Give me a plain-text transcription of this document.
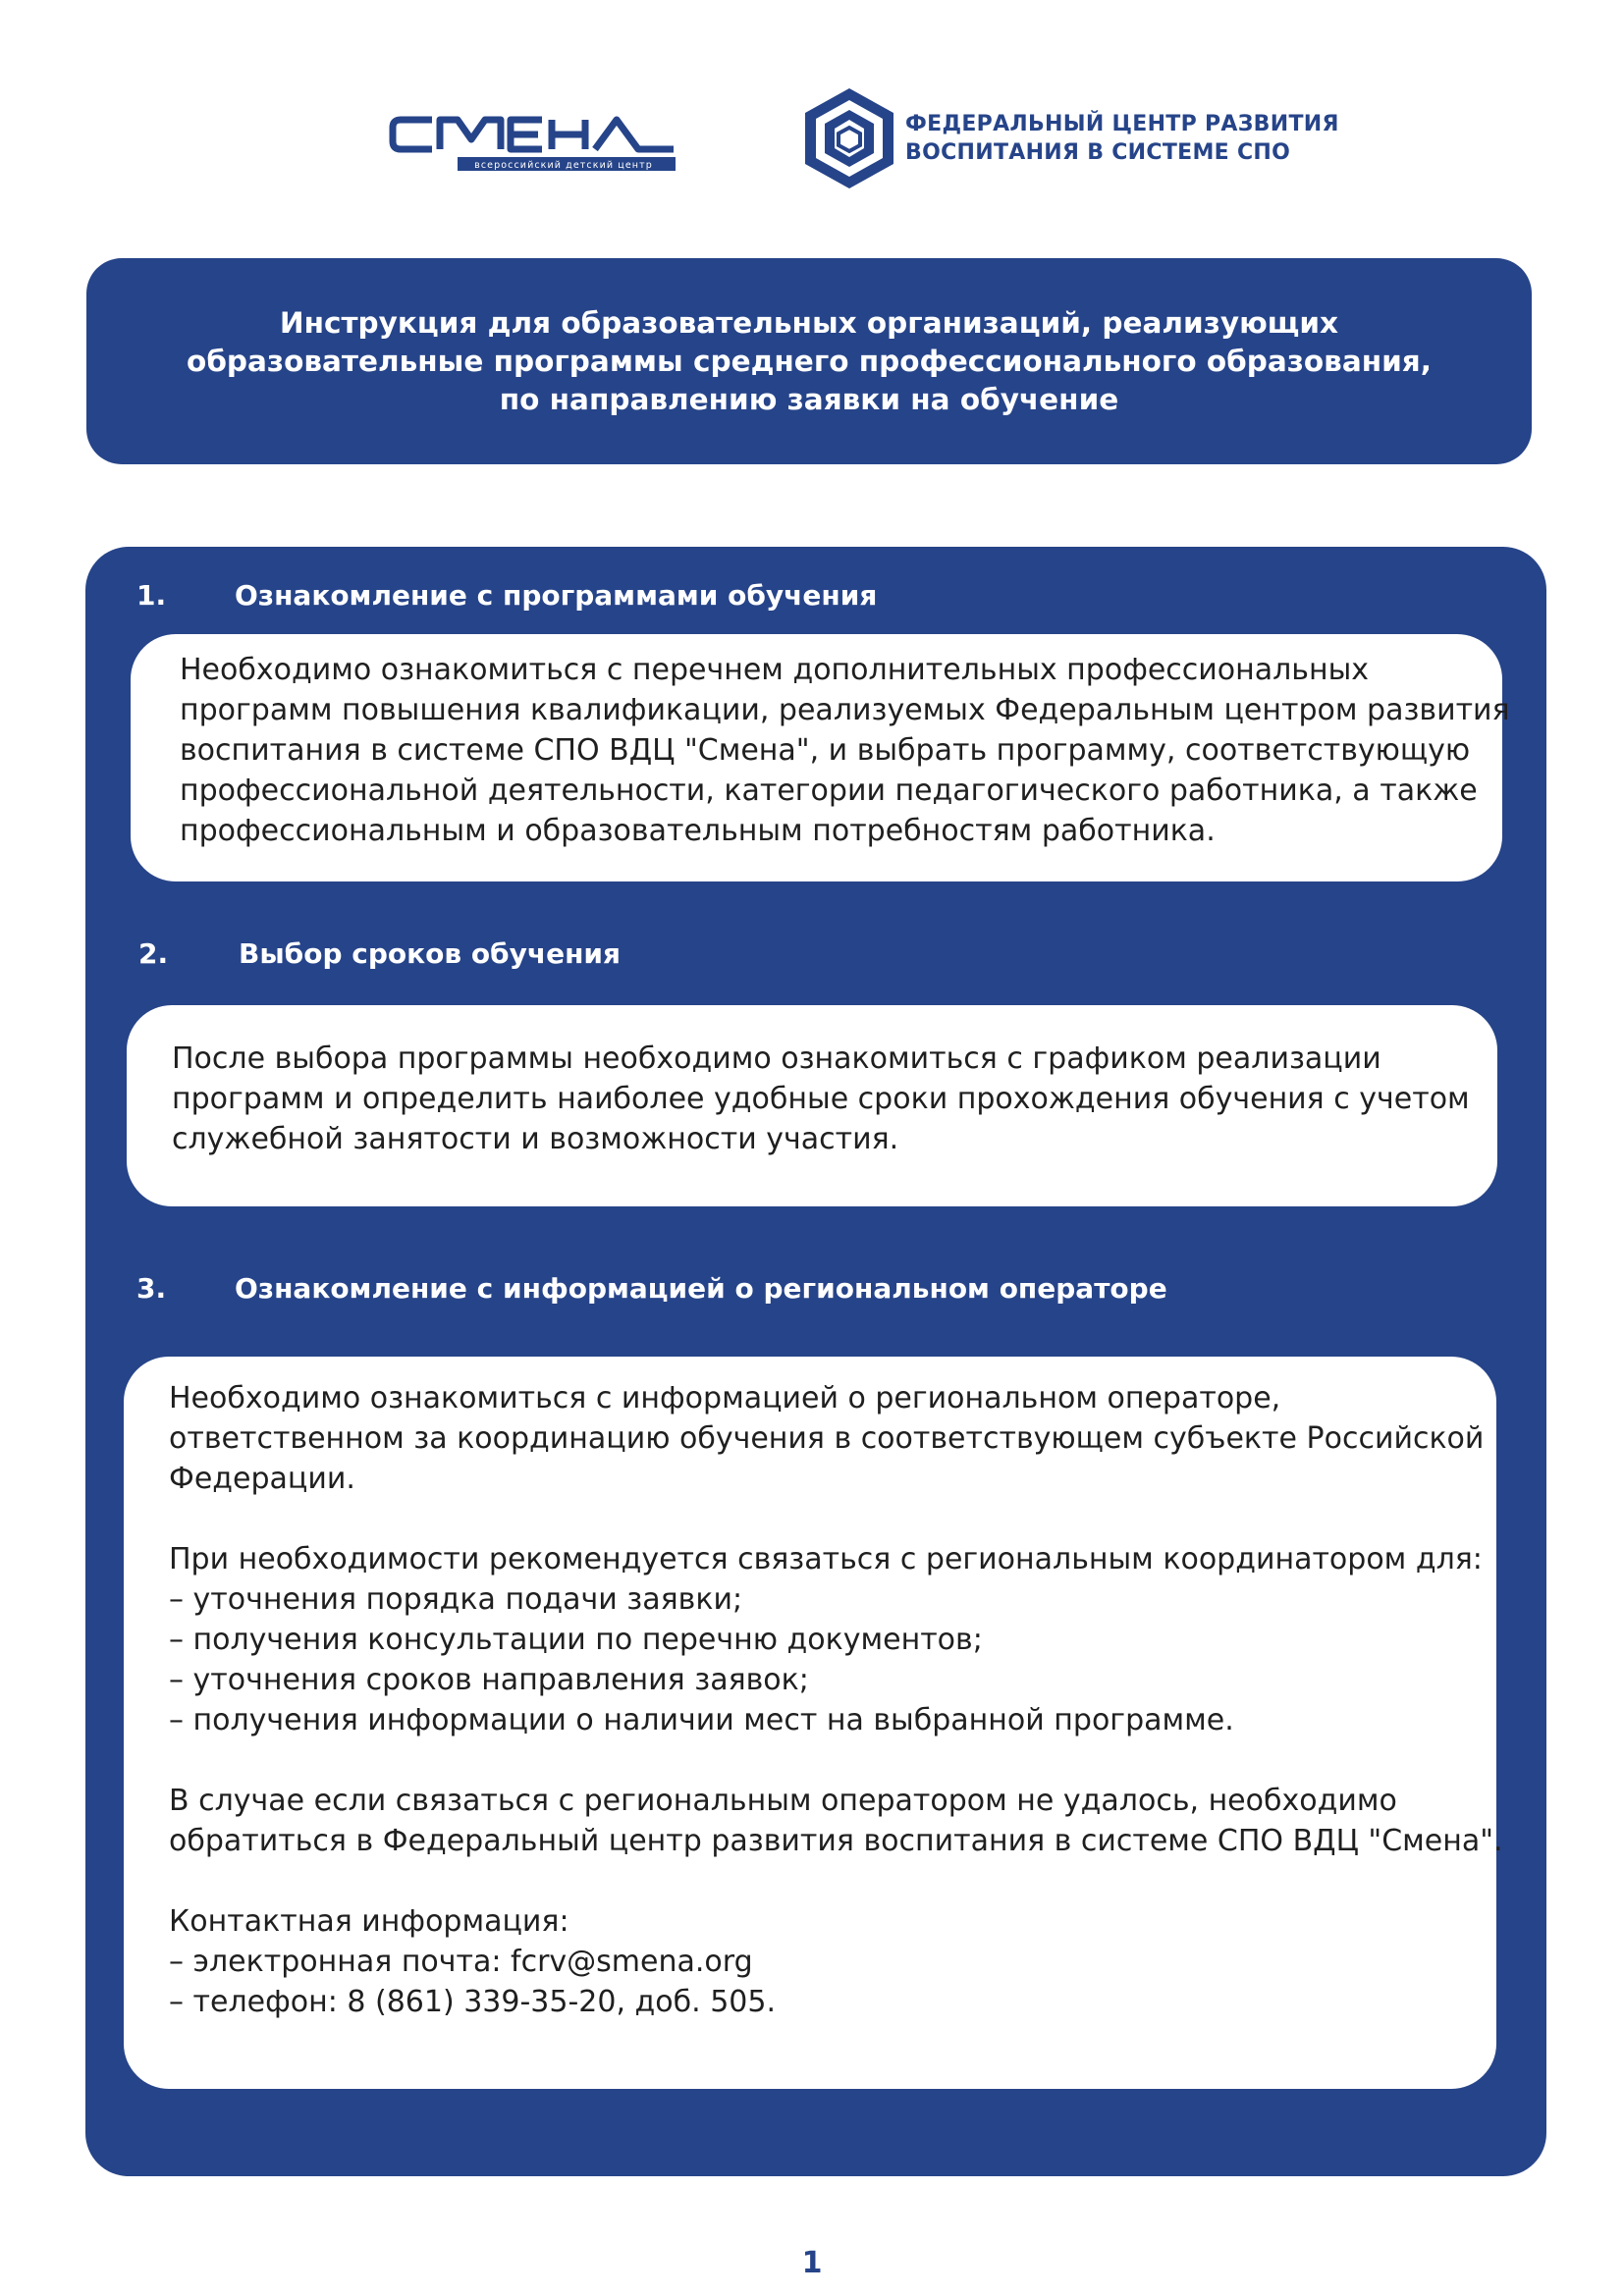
всероссийский детский центр
ФЕДЕРАЛЬНЫЙ ЦЕНТР РАЗВИТИЯ
ВОСПИТАНИЯ В СИСТЕМЕ СПО
Инструкция для образовательных организаций, реализующих
образовательные программы среднего профессионального образования,
по направлению заявки на обучение
1. Ознакомление с программами обучения
Необходимо ознакомиться с перечнем дополнительных профессиональных
программ повышения квалификации, реализуемых Федеральным центром развития
воспитания в системе СПО ВДЦ "Смена", и выбрать программу, соответствующую
профессиональной деятельности, категории педагогического работника, а также
профессиональным и образовательным потребностям работника.
2.	Выбор сроков обучения
После выбора программы необходимо ознакомиться с графиком реализации
программ и определить наиболее удобные сроки прохождения обучения с учетом
служебной занятости и возможности участия.
3. Ознакомление с информацией о региональном операторе
Необходимо ознакомиться с информацией о региональном операторе,
ответственном за координацию обучения в соответствующем субъекте Российской
Федерации.
При необходимости рекомендуется связаться с региональным координатором для:
– уточнения порядка подачи заявки;
– получения консультации по перечню документов;
– уточнения сроков направления заявок;
– получения информации о наличии мест на выбранной программе.
В случае если связаться с региональным оператором не удалось, необходимо
обратиться в Федеральный центр развития воспитания в системе СПО ВДЦ "Смена".
Контактная информация:
– электронная почта: fcrv@smena.org
– телефон: 8 (861) 339-35-20, доб. 505.
1
